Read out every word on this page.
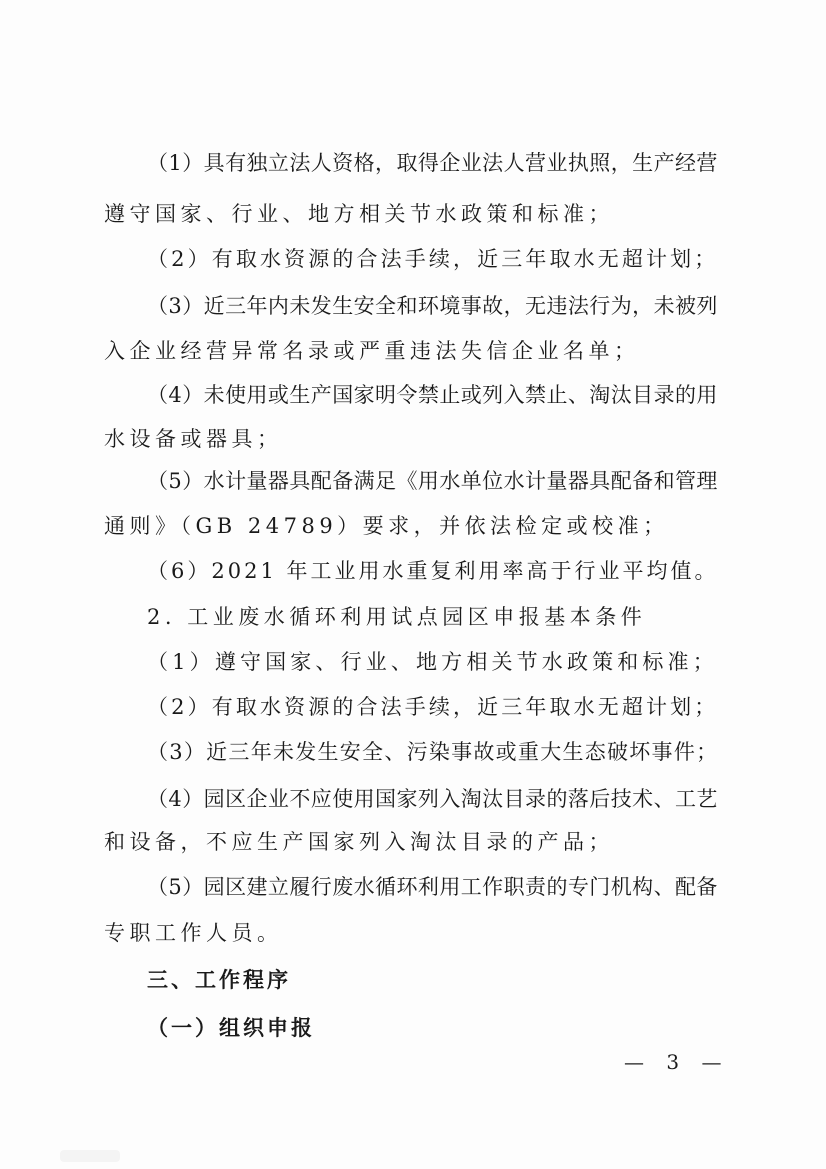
（1）具有独立法人资格，取得企业法人营业执照，生产经营
遵守国家、行业、地方相关节水政策和标准；
（2）有取水资源的合法手续，近三年取水无超计划；
（3）近三年内未发生安全和环境事故，无违法行为，未被列
入企业经营异常名录或严重违法失信企业名单；
（4）未使用或生产国家明令禁止或列入禁止、淘汰目录的用
水设备或器具；
（5）水计量器具配备满足《用水单位水计量器具配备和管理
通则》（GB 24789）要求，并依法检定或校准；
（6）2021 年工业用水重复利用率高于行业平均值。
2. 工业废水循环利用试点园区申报基本条件
（1）遵守国家、行业、地方相关节水政策和标准；
（2）有取水资源的合法手续，近三年取水无超计划；
（3）近三年未发生安全、污染事故或重大生态破坏事件；
（4）园区企业不应使用国家列入淘汰目录的落后技术、工艺
和设备，不应生产国家列入淘汰目录的产品；
（5）园区建立履行废水循环利用工作职责的专门机构、配备
专职工作人员。
三、工作程序
（一）组织申报
— 3 —
